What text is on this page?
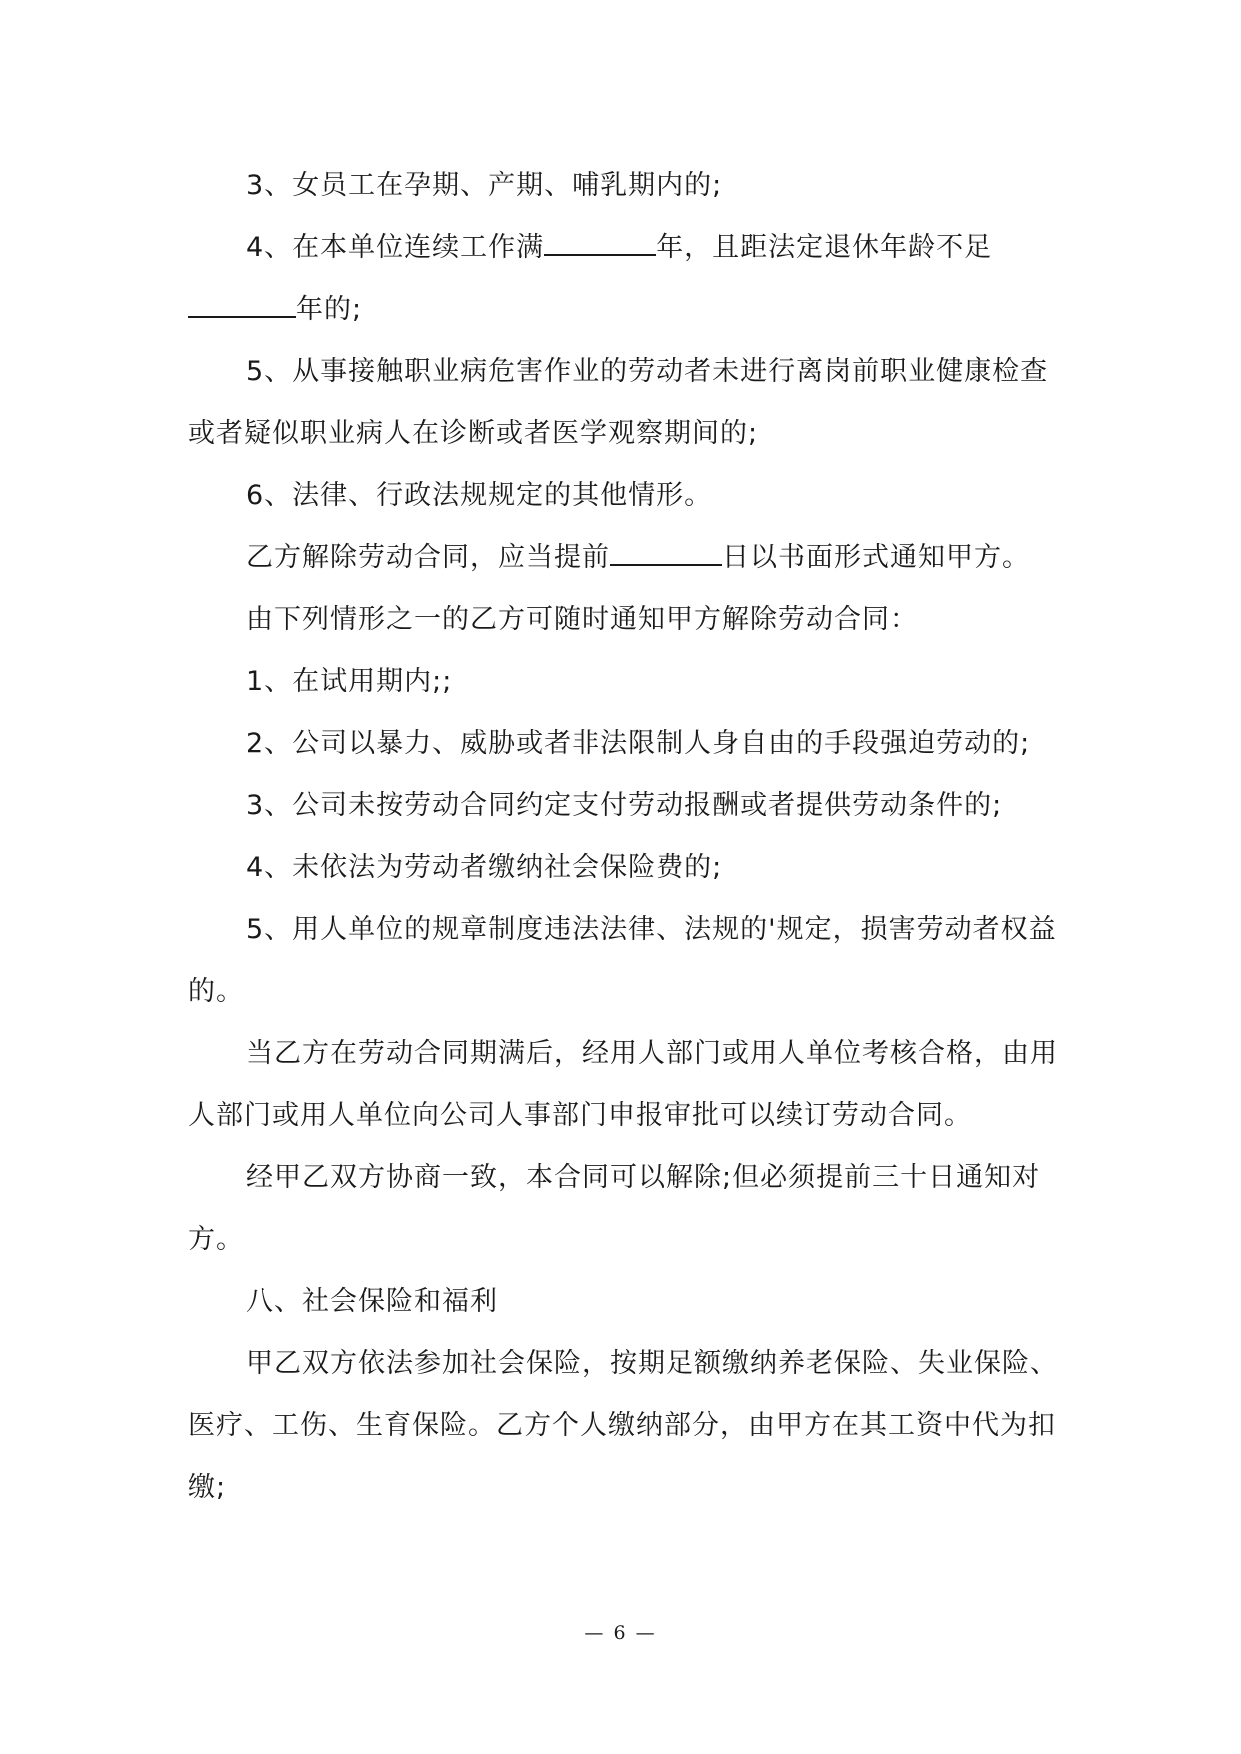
3、女员工在孕期、产期、哺乳期内的;

4、在本单位连续工作满	年，且距法定退休年龄不足年的;

5、从事接触职业病危害作业的劳动者未进行离岗前职业健康检查或者疑似职业病人在诊断或者医学观察期间的;

6、法律、行政法规规定的其他情形。

乙方解除劳动合同，应当提前	日以书面形式通知甲方。

由下列情形之一的乙方可随时通知甲方解除劳动合同：

1、在试用期内;;

2、公司以暴力、威胁或者非法限制人身自由的手段强迫劳动的;

3、公司未按劳动合同约定支付劳动报酬或者提供劳动条件的;

4、未依法为劳动者缴纳社会保险费的;

5、用人单位的规章制度违法法律、法规的'规定，损害劳动者权益的。

当乙方在劳动合同期满后，经用人部门或用人单位考核合格，由用人部门或用人单位向公司人事部门申报审批可以续订劳动合同。

经甲乙双方协商一致，本合同可以解除;但必须提前三十日通知对方。

八、社会保险和福利

甲乙双方依法参加社会保险，按期足额缴纳养老保险、失业保险、医疗、工伤、生育保险。乙方个人缴纳部分，由甲方在其工资中代为扣缴;

— 6 —
